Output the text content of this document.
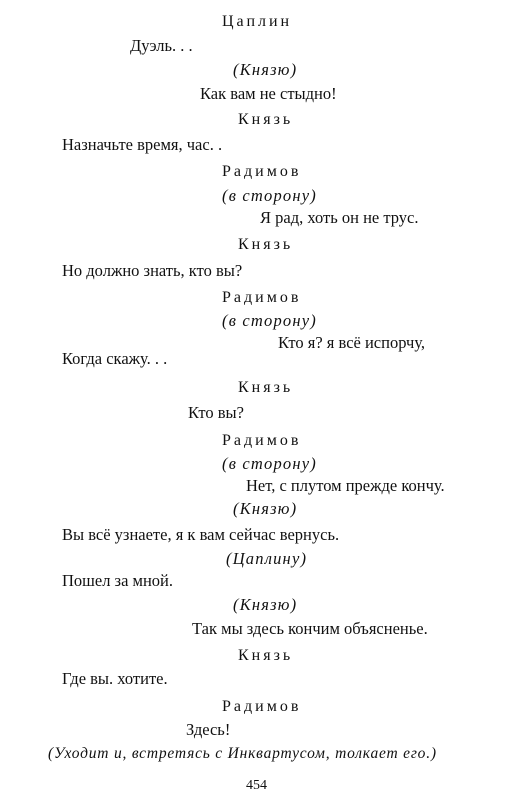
Цаплин
Дуэль. . .
(Князю)
Как вам не стыдно!
Князь
Назначьте время, час. .
Радимов
(в сторону)
Я рад, хоть он не трус.
Князь
Но должно знать, кто вы?
Радимов
(в сторону)
Кто я? я всё испорчу,
Когда скажу. . .
Князь
Кто вы?
Радимов
(в сторону)
Нет, с плутом прежде кончу.
(Князю)
Вы всё узнаете, я к вам сейчас вернусь.
(Цаплину)
Пошел за мной.
(Князю)
Так мы здесь кончим объясненье.
Князь
Где вы. хотите.
Радимов
Здесь!
(Уходит и, встретясь с Инквартусом, толкает его.)
454
